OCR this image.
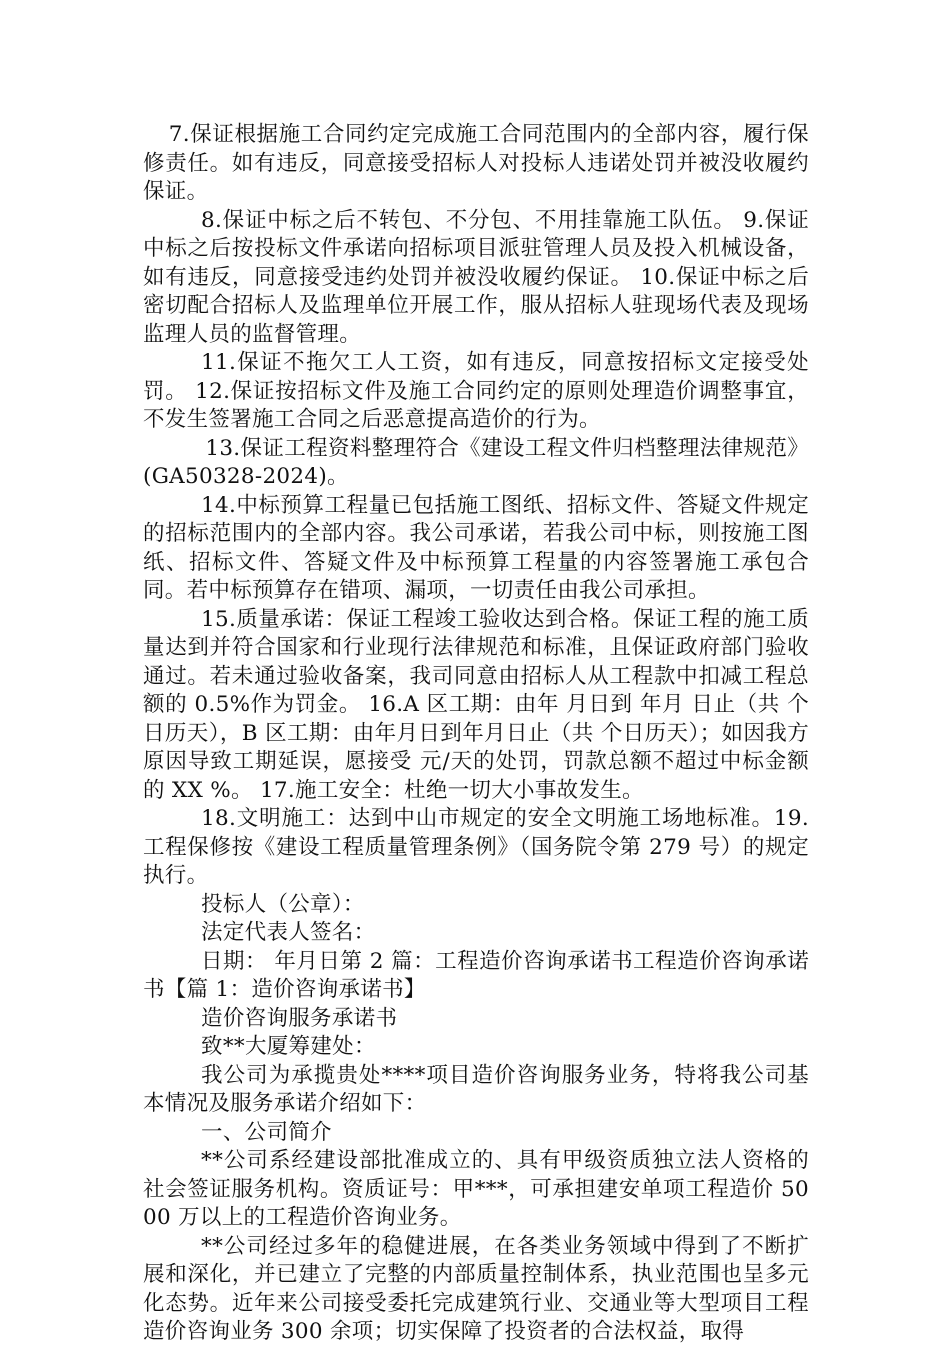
7.保证根据施工合同约定完成施工合同范围内的全部内容，履行保修责任。如有违反，同意接受招标人对投标人违诺处罚并被没收履约保证。

8.保证中标之后不转包、不分包、不用挂靠施工队伍。 9.保证中标之后按投标文件承诺向招标项目派驻管理人员及投入机械设备，如有违反，同意接受违约处罚并被没收履约保证。 10.保证中标之后密切配合招标人及监理单位开展工作，服从招标人驻现场代表及现场监理人员的监督管理。

11.保证不拖欠工人工资，如有违反，同意按招标文定接受处罚。 12.保证按招标文件及施工合同约定的原则处理造价调整事宜，不发生签署施工合同之后恶意提高造价的行为。

13.保证工程资料整理符合《建设工程文件归档整理法律规范》(GA50328-2024)。

14.中标预算工程量已包括施工图纸、招标文件、答疑文件规定的招标范围内的全部内容。我公司承诺，若我公司中标，则按施工图纸、招标文件、答疑文件及中标预算工程量的内容签署施工承包合同。若中标预算存在错项、漏项，一切责任由我公司承担。

15.质量承诺：保证工程竣工验收达到合格。保证工程的施工质量达到并符合国家和行业现行法律规范和标准，且保证政府部门验收通过。若未通过验收备案，我司同意由招标人从工程款中扣减工程总额的 0.5%作为罚金。 16.A 区工期：由年 月日到 年月 日止（共 个日历天），B 区工期：由年月日到年月日止（共 个日历天）；如因我方原因导致工期延误，愿接受 元/天的处罚，罚款总额不超过中标金额的 XX %。 17.施工安全：杜绝一切大小事故发生。

18.文明施工：达到中山市规定的安全文明施工场地标准。19.工程保修按《建设工程质量管理条例》（国务院令第 279 号）的规定执行。

投标人（公章）：

法定代表人签名：

日期： 年月日第 2 篇：工程造价咨询承诺书工程造价咨询承诺书【篇 1：造价咨询承诺书】

造价咨询服务承诺书

致**大厦筹建处：

我公司为承揽贵处****项目造价咨询服务业务，特将我公司基本情况及服务承诺介绍如下：

一、公司简介

**公司系经建设部批准成立的、具有甲级资质独立法人资格的社会签证服务机构。资质证号：甲***，可承担建安单项工程造价 5000 万以上的工程造价咨询业务。

**公司经过多年的稳健进展，在各类业务领域中得到了不断扩展和深化，并已建立了完整的内部质量控制体系，执业范围也呈多元化态势。近年来公司接受委托完成建筑行业、交通业等大型项目工程造价咨询业务 300 余项；切实保障了投资者的合法权益，取得
